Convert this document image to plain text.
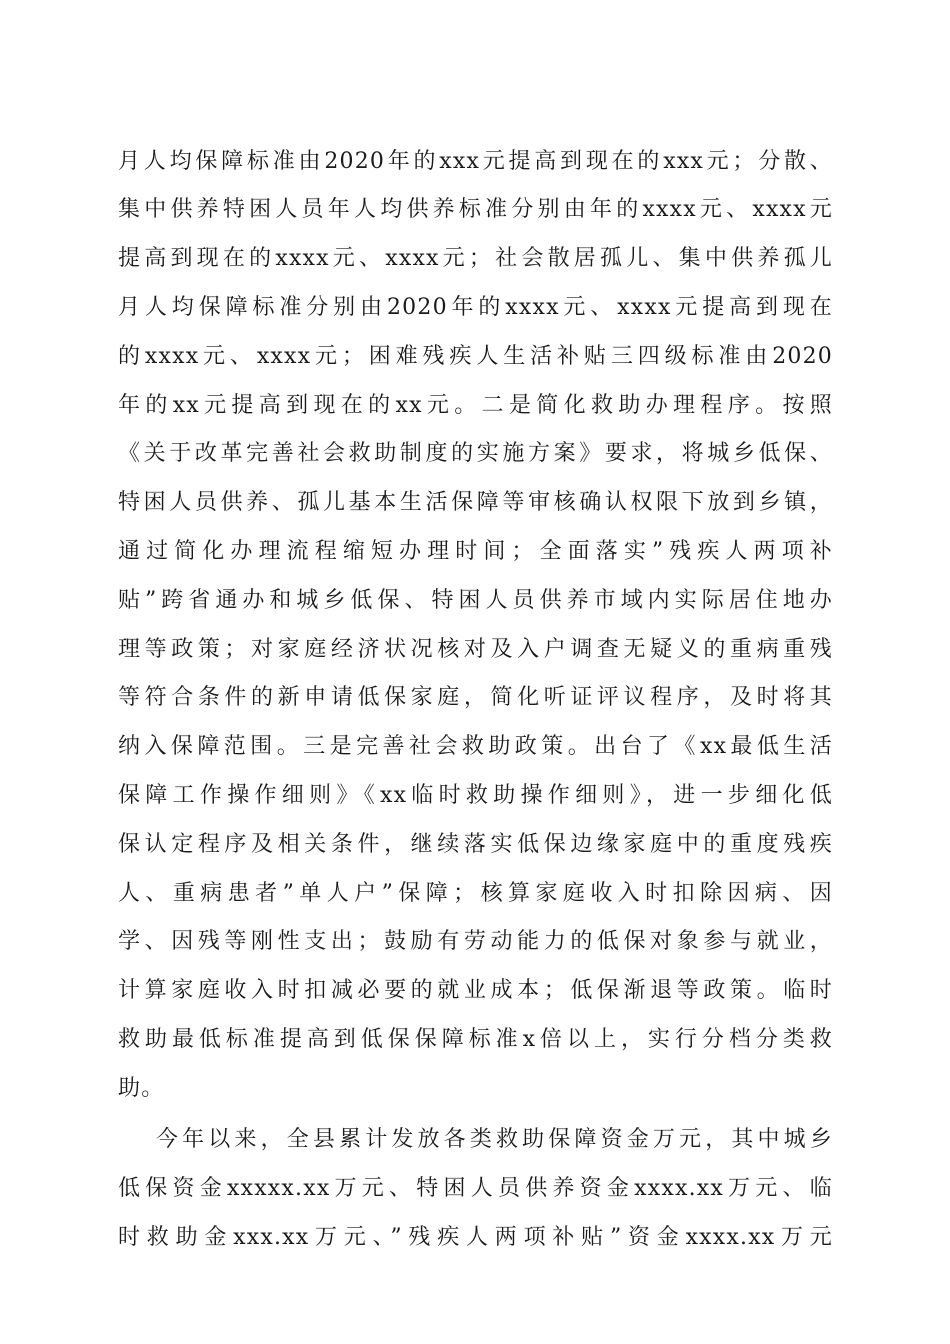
月人均保障标准由2020年的xxx元提高到现在的xxx元；分散、
集中供养特困人员年人均供养标准分别由年的xxxx元、xxxx元
提高到现在的xxxx元、xxxx元；社会散居孤儿、集中供养孤儿
月人均保障标准分别由2020年的xxxx元、xxxx元提高到现在
的xxxx元、xxxx元；困难残疾人生活补贴三四级标准由2020
年的xx元提高到现在的xx元。二是简化救助办理程序。按照
《关于改革完善社会救助制度的实施方案》要求，将城乡低保、
特困人员供养、孤儿基本生活保障等审核确认权限下放到乡镇，
通过简化办理流程缩短办理时间；全面落实”残疾人两项补
贴”跨省通办和城乡低保、特困人员供养市域内实际居住地办
理等政策；对家庭经济状况核对及入户调查无疑义的重病重残
等符合条件的新申请低保家庭，简化听证评议程序，及时将其
纳入保障范围。三是完善社会救助政策。出台了《xx最低生活
保障工作操作细则》《xx临时救助操作细则》，进一步细化低
保认定程序及相关条件，继续落实低保边缘家庭中的重度残疾
人、重病患者”单人户”保障；核算家庭收入时扣除因病、因
学、因残等刚性支出；鼓励有劳动能力的低保对象参与就业，
计算家庭收入时扣减必要的就业成本；低保渐退等政策。临时
救助最低标准提高到低保保障标准x倍以上，实行分档分类救
助。
今年以来，全县累计发放各类救助保障资金万元，其中城乡
低保资金xxxxx.xx万元、特困人员供养资金xxxx.xx万元、临
时救助金xxx.xx万元、”残疾人两项补贴”资金xxxx.xx万元
